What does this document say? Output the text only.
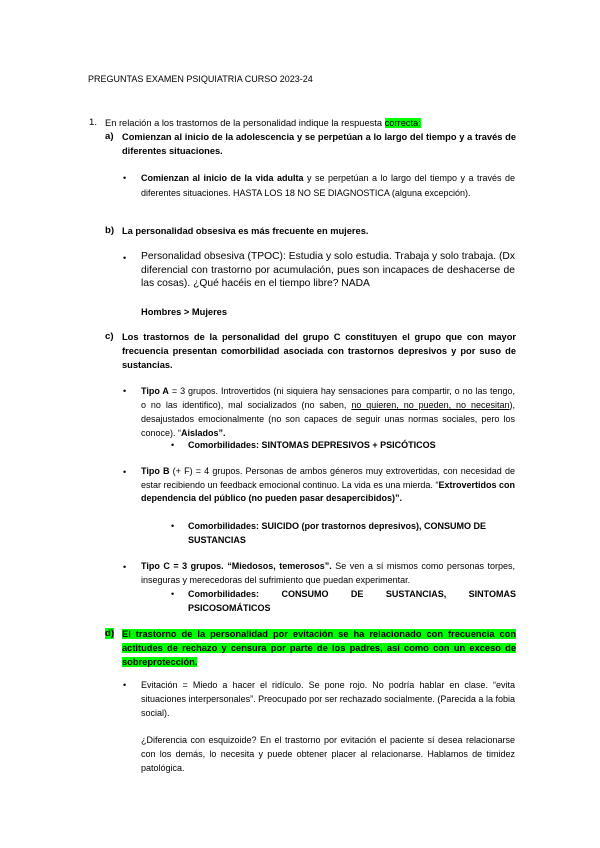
PREGUNTAS EXAMEN PSIQUIATRIA CURSO 2023-24
1. En relación a los trastornos de la personalidad indique la respuesta correcta:
a) Comienzan al inicio de la adolescencia y se perpetúan a lo largo del tiempo y a través de diferentes situaciones.
• Comienzan al inicio de la vida adulta y se perpetúan a lo largo del tiempo y a través de diferentes situaciones. HASTA LOS 18 NO SE DIAGNOSTICA (alguna excepción).
b) La personalidad obsesiva es más frecuente en mujeres.
• Personalidad obsesiva (TPOC): Estudia y solo estudia. Trabaja y solo trabaja. (Dx diferencial con trastorno por acumulación, pues son incapaces de deshacerse de las cosas). ¿Qué hacéis en el tiempo libre? NADA
Hombres > Mujeres
c) Los trastornos de la personalidad del grupo C constituyen el grupo que con mayor frecuencia presentan comorbilidad asociada con trastornos depresivos y por suso de sustancias.
• Tipo A = 3 grupos. Introvertidos (ni siquiera hay sensaciones para compartir, o no las tengo, o no las identifico), mal socializados (no saben, no quieren, no pueden, no necesitan), desajustados emocionalmente (no son capaces de seguir unas normas sociales, pero los conoce). “Aislados”.
• Comorbilidades: SINTOMAS DEPRESIVOS + PSICÓTICOS
• Tipo B (+ F) = 4 grupos. Personas de ambos géneros muy extrovertidas, con necesidad de estar recibiendo un feedback emocional continuo. La vida es una mierda. “Extrovertidos con dependencia del público (no pueden pasar desapercibidos)”.
• Comorbilidades: SUICIDO (por trastornos depresivos), CONSUMO DE SUSTANCIAS
• Tipo C = 3 grupos. “Miedosos, temerosos”. Se ven a sí mismos como personas torpes, inseguras y merecedoras del sufrimiento que puedan experimentar.
• Comorbilidades: CONSUMO DE SUSTANCIAS, SINTOMAS PSICOSOMÁTICOS
d) El trastorno de la personalidad por evitación se ha relacionado con frecuencia con actitudes de rechazo y censura por parte de los padres, así como con un exceso de sobreprotección.
• Evitación = Miedo a hacer el ridículo. Se pone rojo. No podría hablar en clase. “evita situaciones interpersonales”. Preocupado por ser rechazado socialmente. (Parecida a la fobia social).
¿Diferencia con esquizoide? En el trastorno por evitación el paciente sí desea relacionarse con los demás, lo necesita y puede obtener placer al relacionarse. Hablamos de timidez patológica.
